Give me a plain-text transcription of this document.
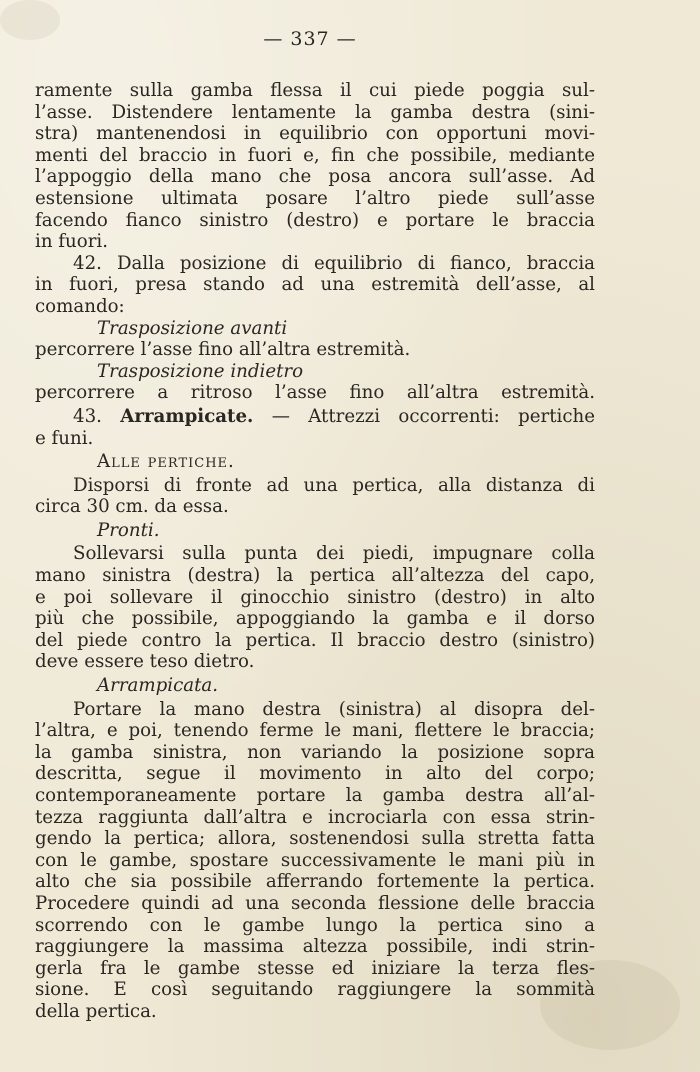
— 337 —
ramente sulla gamba flessa il cui piede poggia sul-
l’asse. Distendere lentamente la gamba destra (sini-
stra) mantenendosi in equilibrio con opportuni movi-
menti del braccio in fuori e, fin che possibile, mediante
l’appoggio della mano che posa ancora sull’asse. Ad
estensione ultimata posare l’altro piede sull’asse
facendo fianco sinistro (destro) e portare le braccia
in fuori.
42. Dalla posizione di equilibrio di fianco, braccia
in fuori, presa stando ad una estremità dell’asse, al
comando:
Trasposizione avanti
percorrere l’asse fino all’altra estremità.
Trasposizione indietro
percorrere a ritroso l’asse fino all’altra estremità.
43. Arrampicate. — Attrezzi occorrenti: pertiche
e funi.
Alle pertiche.
Disporsi di fronte ad una pertica, alla distanza di
circa 30 cm. da essa.
Pronti.
Sollevarsi sulla punta dei piedi, impugnare colla
mano sinistra (destra) la pertica all’altezza del capo,
e poi sollevare il ginocchio sinistro (destro) in alto
più che possibile, appoggiando la gamba e il dorso
del piede contro la pertica. Il braccio destro (sinistro)
deve essere teso dietro.
Arrampicata.
Portare la mano destra (sinistra) al disopra del-
l’altra, e poi, tenendo ferme le mani, flettere le braccia;
la gamba sinistra, non variando la posizione sopra
descritta, segue il movimento in alto del corpo;
contemporaneamente portare la gamba destra all’al-
tezza raggiunta dall’altra e incrociarla con essa strin-
gendo la pertica; allora, sostenendosi sulla stretta fatta
con le gambe, spostare successivamente le mani più in
alto che sia possibile afferrando fortemente la pertica.
Procedere quindi ad una seconda flessione delle braccia
scorrendo con le gambe lungo la pertica sino a
raggiungere la massima altezza possibile, indi strin-
gerla fra le gambe stesse ed iniziare la terza fles-
sione. E così seguitando raggiungere la sommità
della pertica.
